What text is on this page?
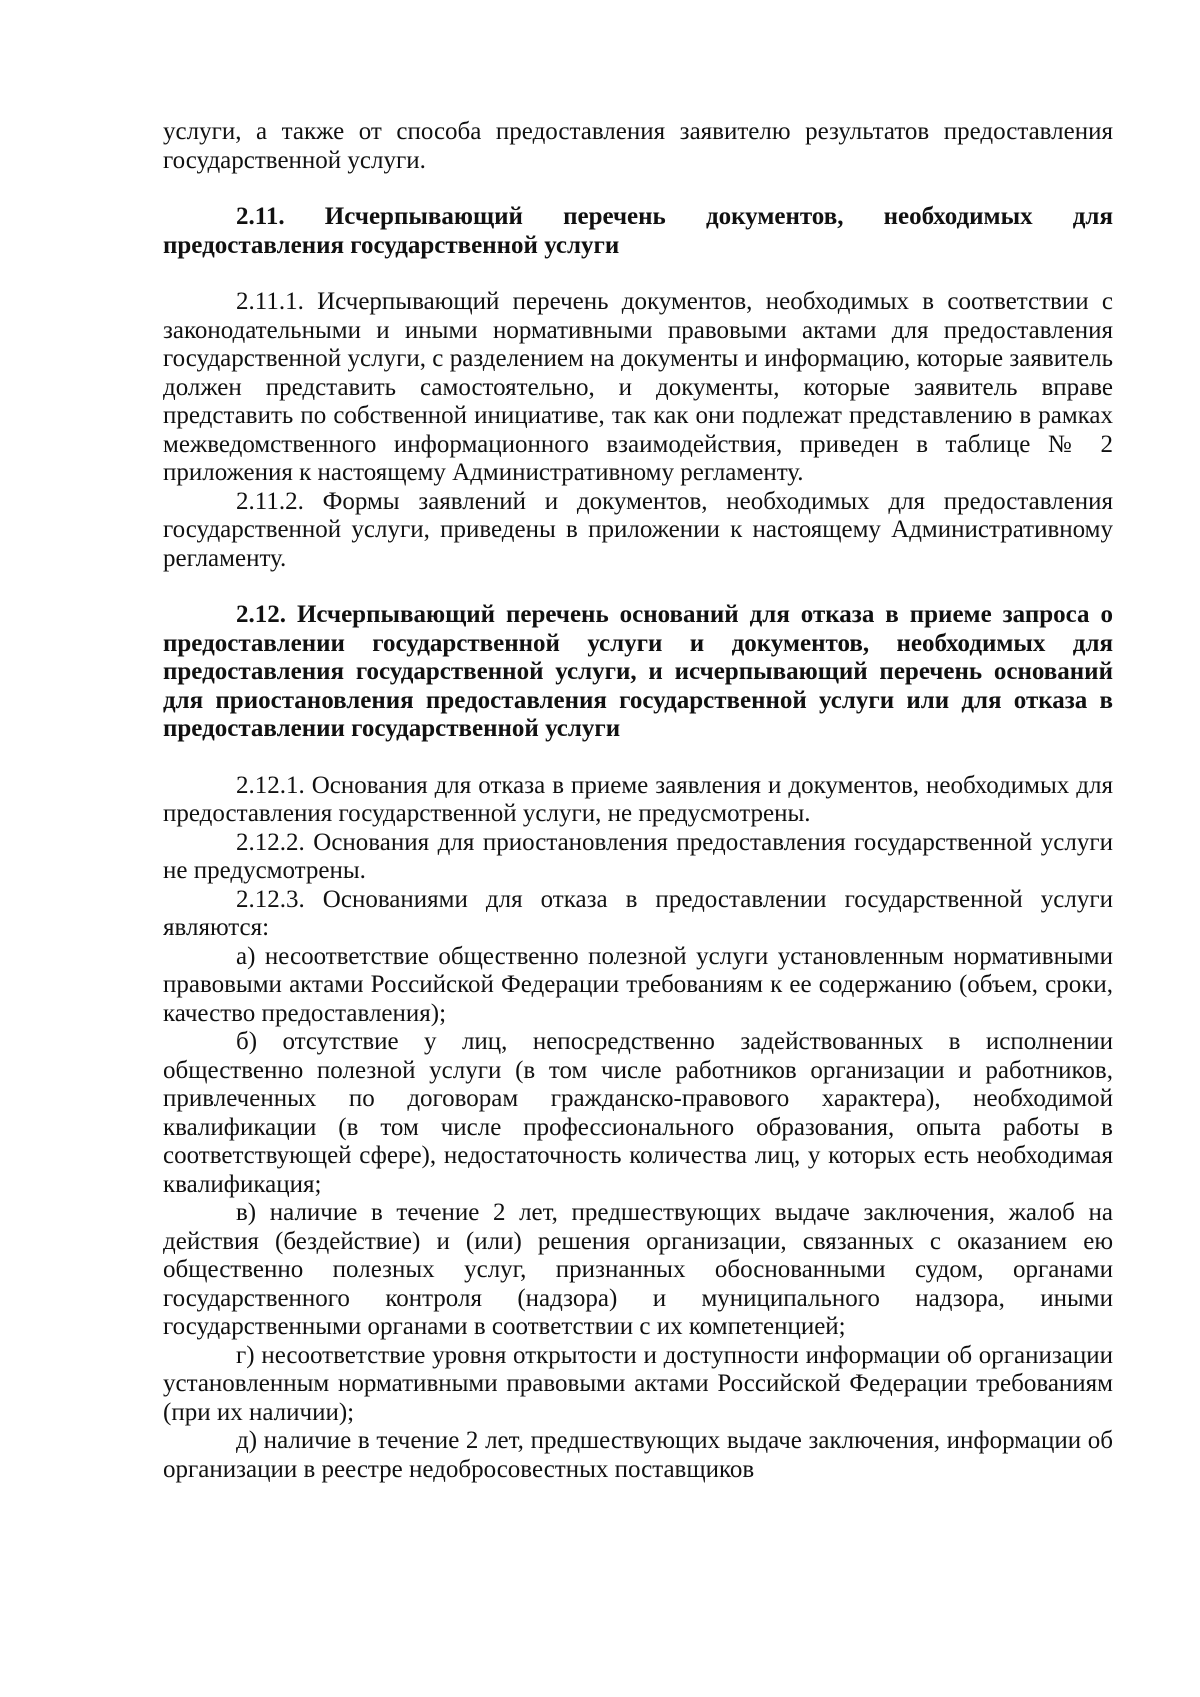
услуги, а также от способа предоставления заявителю результатов предоставления государственной услуги.

2.11. Исчерпывающий перечень документов, необходимых для предоставления государственной услуги

2.11.1. Исчерпывающий перечень документов, необходимых в соответствии с законодательными и иными нормативными правовыми актами для предоставления государственной услуги, с разделением на документы и информацию, которые заявитель должен представить самостоятельно, и документы, которые заявитель вправе представить по собственной инициативе, так как они подлежат представлению в рамках межведомственного информационного взаимодействия, приведен в таблице № 2 приложения к настоящему Административному регламенту.

2.11.2. Формы заявлений и документов, необходимых для предоставления государственной услуги, приведены в приложении к настоящему Административному регламенту.

2.12. Исчерпывающий перечень оснований для отказа в приеме запроса о предоставлении государственной услуги и документов, необходимых для предоставления государственной услуги, и исчерпывающий перечень оснований для приостановления предоставления государственной услуги или для отказа в предоставлении государственной услуги

2.12.1. Основания для отказа в приеме заявления и документов, необходимых для предоставления государственной услуги, не предусмотрены.

2.12.2. Основания для приостановления предоставления государственной услуги не предусмотрены.

2.12.3. Основаниями для отказа в предоставлении государственной услуги являются:

а) несоответствие общественно полезной услуги установленным нормативными правовыми актами Российской Федерации требованиям к ее содержанию (объем, сроки, качество предоставления);

б) отсутствие у лиц, непосредственно задействованных в исполнении общественно полезной услуги (в том числе работников организации и работников, привлеченных по договорам гражданско-правового характера), необходимой квалификации (в том числе профессионального образования, опыта работы в соответствующей сфере), недостаточность количества лиц, у которых есть необходимая квалификация;

в) наличие в течение 2 лет, предшествующих выдаче заключения, жалоб на действия (бездействие) и (или) решения организации, связанных с оказанием ею общественно полезных услуг, признанных обоснованными судом, органами государственного контроля (надзора) и муниципального надзора, иными государственными органами в соответствии с их компетенцией;

г) несоответствие уровня открытости и доступности информации об организации установленным нормативными правовыми актами Российской Федерации требованиям (при их наличии);

д) наличие в течение 2 лет, предшествующих выдаче заключения, информации об организации в реестре недобросовестных поставщиков
